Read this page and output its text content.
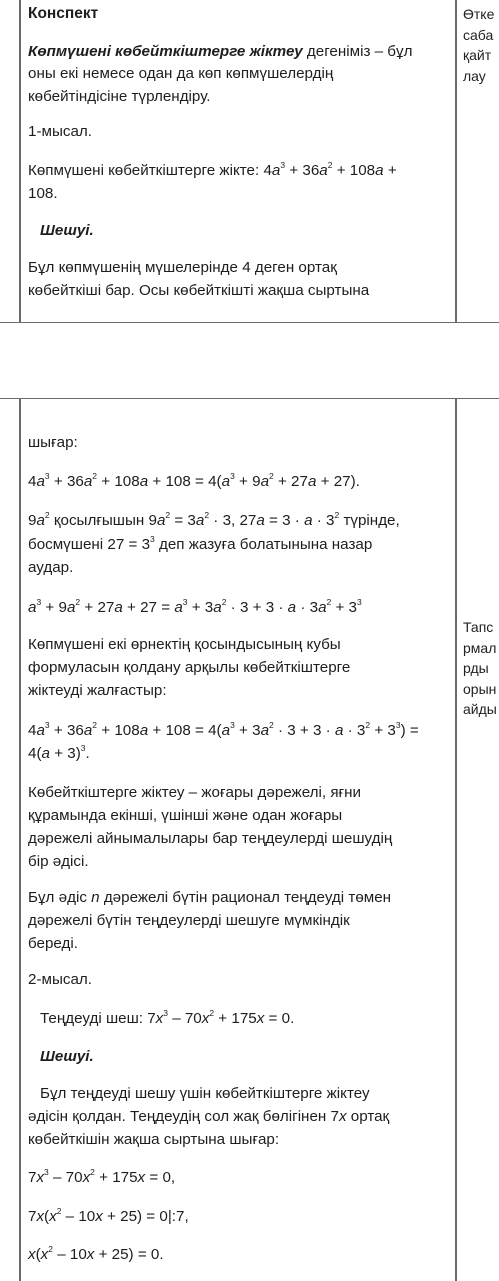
Конспект
Көпмүшені көбейткіштерге жіктеу дегеніміз – бұл
оны екі немесе одан да көп көпмүшелердің
көбейтіндісіне түрлендіру.
1-мысал.
Көпмүшені көбейткіштерге жікте: $4a^3 + 36a^2 + 108a$ +
108.
Шешуі.
Бұл көпмүшенің мүшелерінде 4 деген ортақ
көбейткіші бар. Осы көбейткішті жақша сыртына
Өтке
саба
қайт
лау
шығар:
$4a^3 + 36a^2 + 108a + 108 = 4(a^3 + 9a^2 + 27a + 27)$.
$9a^2$ қосылғышын $9a^2 = 3a^2 \cdot 3$, $27a = 3 \cdot a \cdot 3^2$ түрінде,
босмүшені $27 = 3^3$ деп жазуға болатынына назар
аудар.
$a^3 + 9a^2 + 27a + 27 = a^3 + 3a^2 \cdot 3 + 3 \cdot a \cdot 3a^2 + 3^3$
Көпмүшені екі өрнектің қосындысының кубы
формуласын қолдану арқылы көбейткіштерге
жіктеуді жалғастыр:
$4a^3 + 36a^2 + 108a + 108 = 4(a^3 + 3a^2 \cdot 3 + 3 \cdot a \cdot 3^2 + 3^3)$ =
$4(a + 3)^3$.
Көбейткіштерге жіктеу – жоғары дәрежелі, яғни
құрамында екінші, үшінші және одан жоғары
дәрежелі айнымалылары бар теңдеулерді шешудің
бір әдісі.
Бұл әдіс n дәрежелі бүтін рационал теңдеуді төмен
дәрежелі бүтін теңдеулерді шешуге мүмкіндік
береді.
2-мысал.
Теңдеуді шеш: $7x^3 - 70x^2 + 175x = 0$.
Шешуі.
Бұл теңдеуді шешу үшін көбейткіштерге жіктеу
әдісін қолдан. Теңдеудің сол жақ бөлігінен 7x ортақ
көбейткішін жақша сыртына шығар:
$7x^3 - 70x^2 + 175x = 0$,
$7x(x^2 - 10x + 25)$ = 0|:7,
$x(x^2 - 10x + 25) = 0$.
Тапс
рмал
рды
орын
айды
